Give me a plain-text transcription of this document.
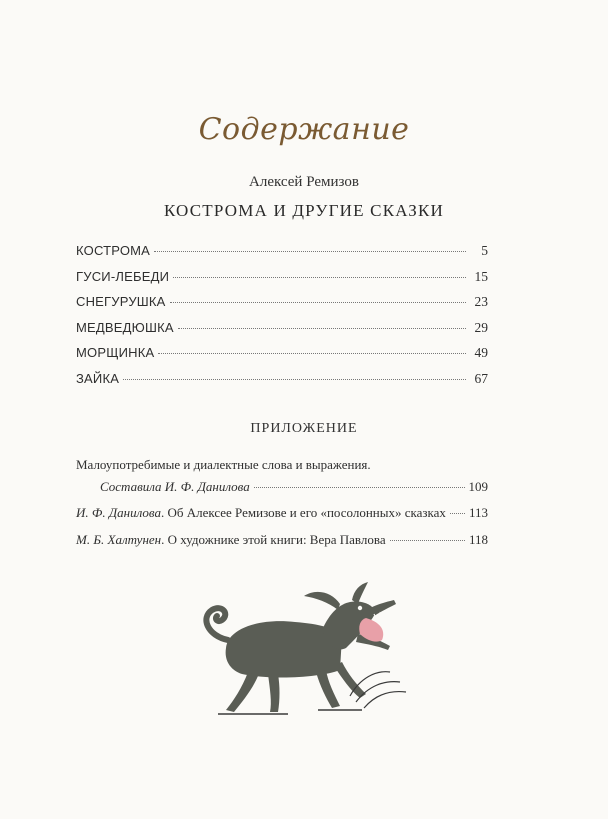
Содержание
Алексей Ремизов
КОСТРОМА И ДРУГИЕ СКАЗКИ
КОСТРОМА	5
ГУСИ-ЛЕБЕДИ	15
СНЕГУРУШКА	23
МЕДВЕДЮШКА	29
МОРЩИНКА	49
ЗАЙКА	67
ПРИЛОЖЕНИЕ
Малоупотребимые и диалектные слова и выражения.
Составила И. Ф. Данилова	109
И. Ф. Данилова . Об Алексее Ремизове и его «посолонных» сказках 113
М. Б. Халтунен . О художнике этой книги: Вера Павлова	118
